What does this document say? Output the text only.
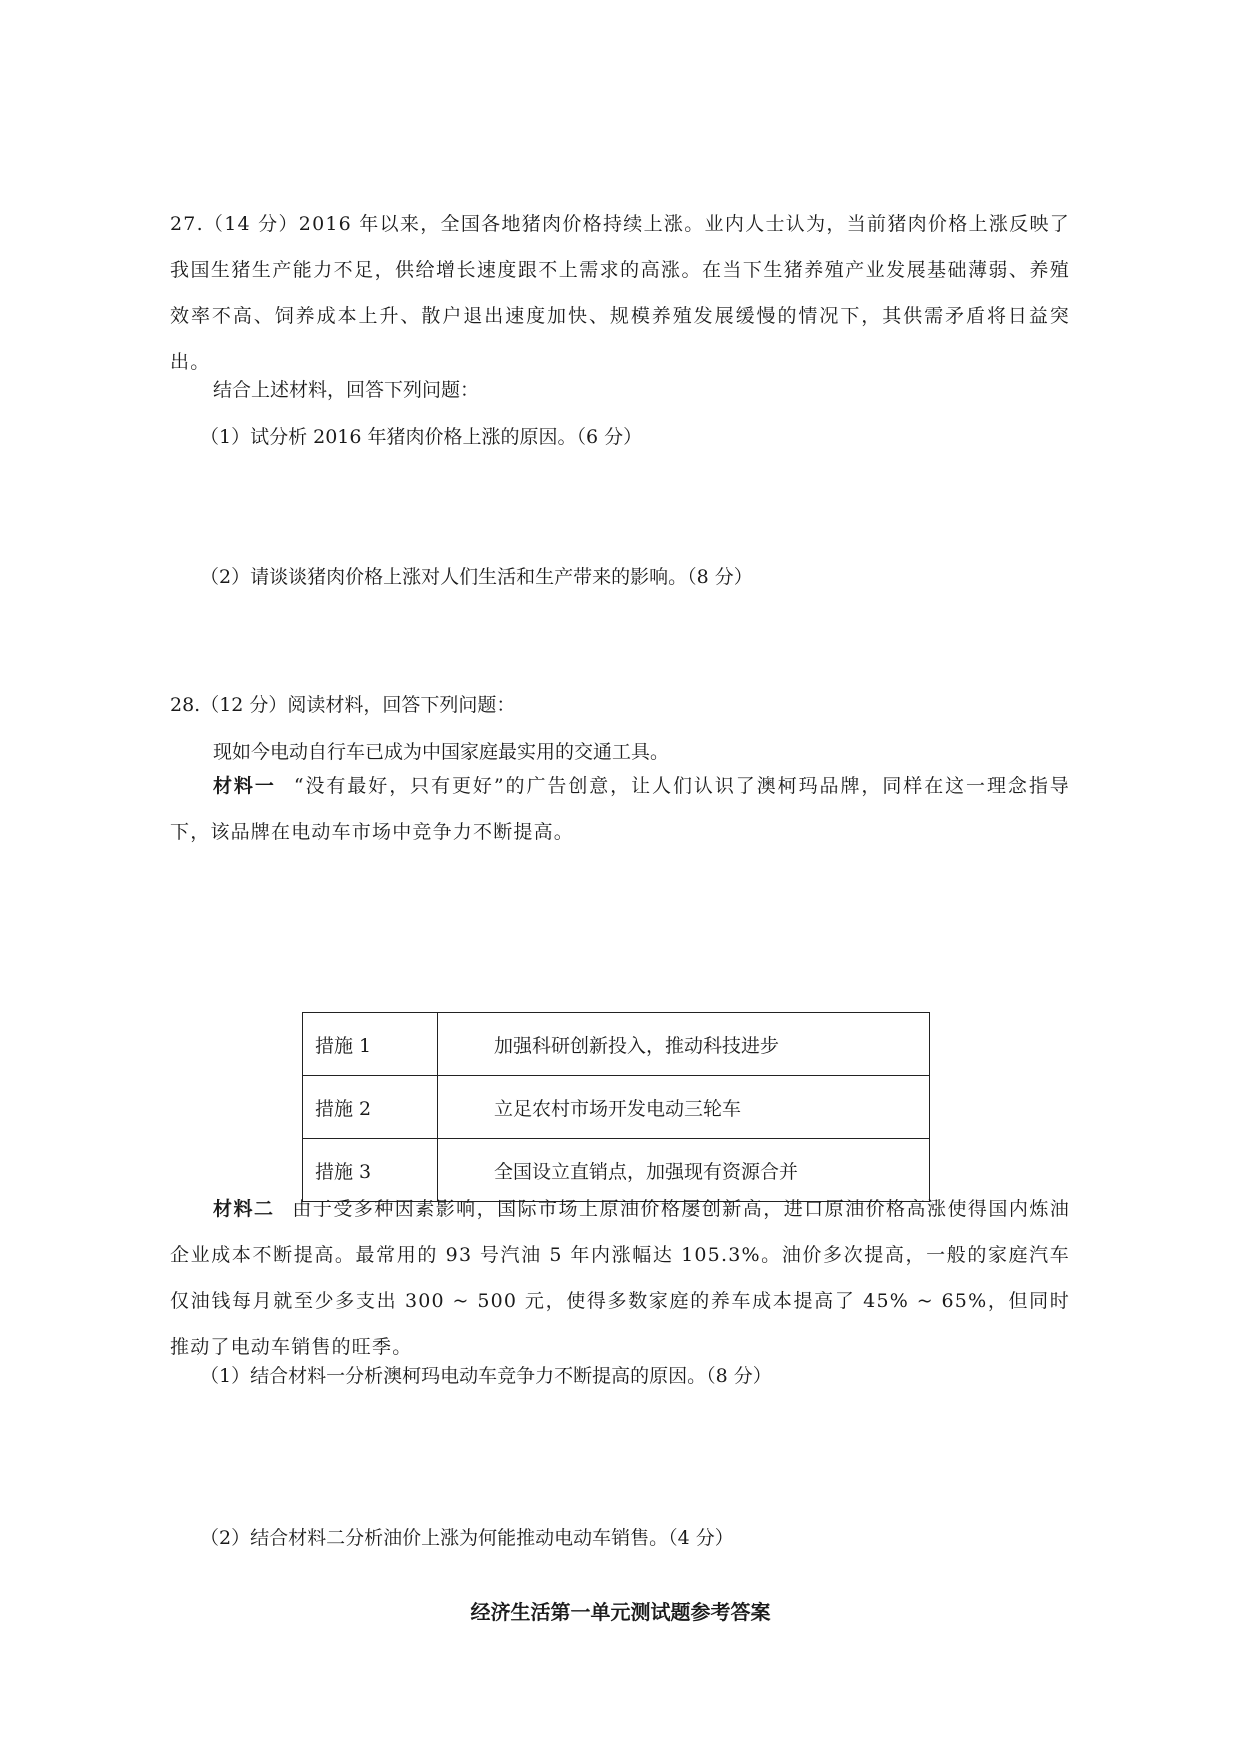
27.（14 分）2016 年以来，全国各地猪肉价格持续上涨。业内人士认为，当前猪肉价格上涨反映了我国生猪生产能力不足，供给增长速度跟不上需求的高涨。在当下生猪养殖产业发展基础薄弱、养殖效率不高、饲养成本上升、散户退出速度加快、规模养殖发展缓慢的情况下，其供需矛盾将日益突出。
结合上述材料，回答下列问题：
（1）试分析 2016 年猪肉价格上涨的原因。（6 分）
（2）请谈谈猪肉价格上涨对人们生活和生产带来的影响。（8 分）
28.（12 分）阅读材料，回答下列问题：
现如今电动自行车已成为中国家庭最实用的交通工具。
材料一 “没有最好，只有更好”的广告创意，让人们认识了澳柯玛品牌，同样在这一理念指导下，该品牌在电动车市场中竞争力不断提高。
措施 1	加强科研创新投入，推动科技进步
措施 2	立足农村市场开发电动三轮车
措施 3	全国设立直销点，加强现有资源合并
材料二 由于受多种因素影响，国际市场上原油价格屡创新高，进口原油价格高涨使得国内炼油企业成本不断提高。最常用的 93 号汽油 5 年内涨幅达 105.3%。油价多次提高，一般的家庭汽车仅油钱每月就至少多支出 300 ~ 500 元，使得多数家庭的养车成本提高了 45% ~ 65%，但同时推动了电动车销售的旺季。
（1）结合材料一分析澳柯玛电动车竞争力不断提高的原因。（8 分）
（2）结合材料二分析油价上涨为何能推动电动车销售。（4 分）
经济生活第一单元测试题参考答案
